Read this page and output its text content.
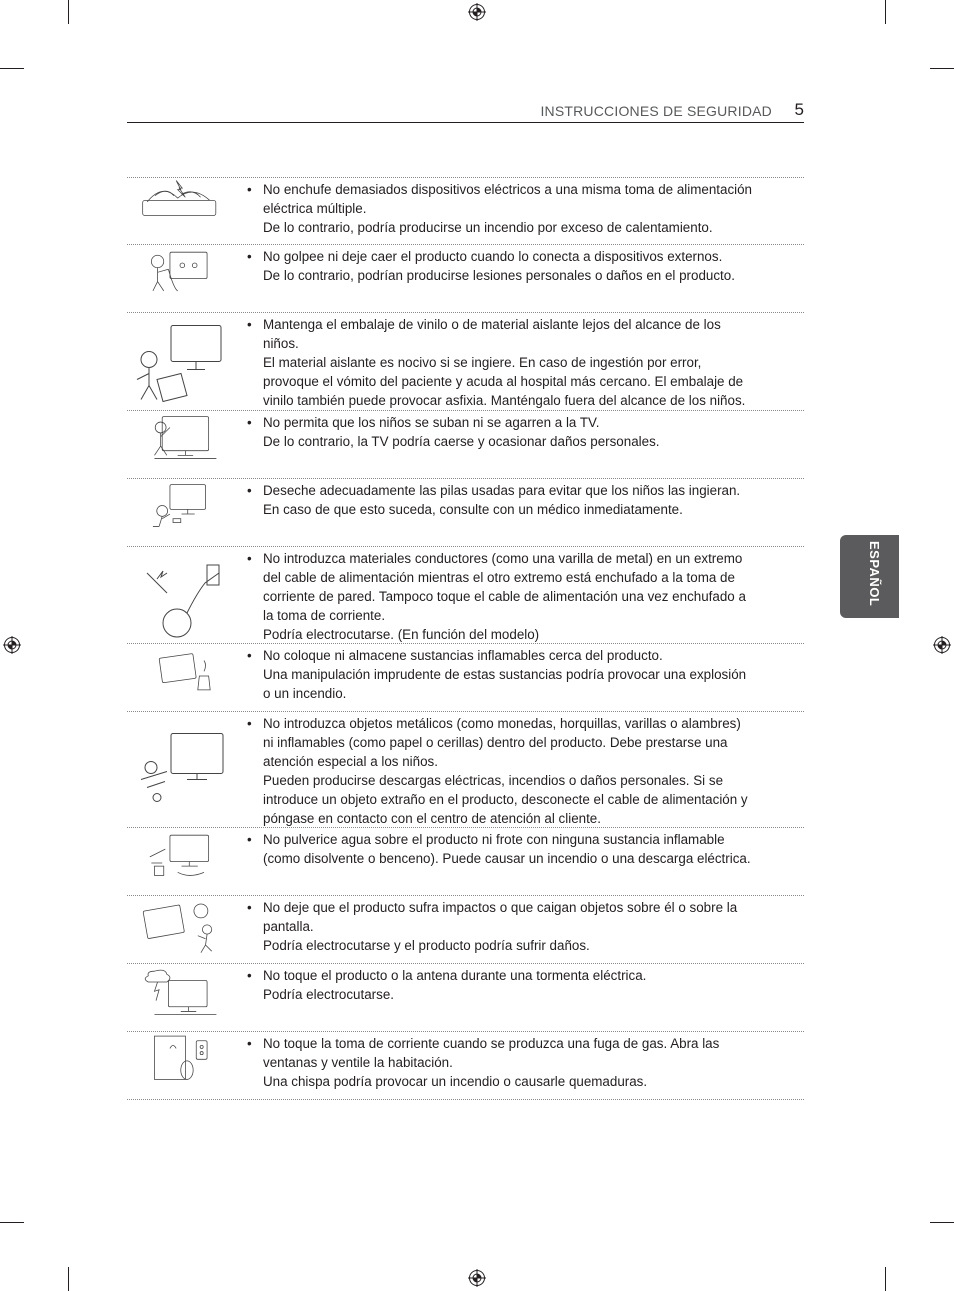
INSTRUCCIONES DE SEGURIDAD 5
ESPAÑOL
• No enchufe demasiados dispositivos eléctricos a una misma toma de alimentación
eléctrica múltiple.
De lo contrario, podría producirse un incendio por exceso de calentamiento.
• No golpee ni deje caer el producto cuando lo conecta a dispositivos externos.
De lo contrario, podrían producirse lesiones personales o daños en el producto.
• Mantenga el embalaje de vinilo o de material aislante lejos del alcance de los
niños.
El material aislante es nocivo si se ingiere. En caso de ingestión por error,
provoque el vómito del paciente y acuda al hospital más cercano. El embalaje de
vinilo también puede provocar asfixia. Manténgalo fuera del alcance de los niños.
• No permita que los niños se suban ni se agarren a la TV.
De lo contrario, la TV podría caerse y ocasionar daños personales.
• Deseche adecuadamente las pilas usadas para evitar que los niños las ingieran.
En caso de que esto suceda, consulte con un médico inmediatamente.
• No introduzca materiales conductores (como una varilla de metal) en un extremo
del cable de alimentación mientras el otro extremo está enchufado a la toma de
corriente de pared. Tampoco toque el cable de alimentación una vez enchufado a
la toma de corriente.
Podría electrocutarse. (En función del modelo)
• No coloque ni almacene sustancias inflamables cerca del producto.
Una manipulación imprudente de estas sustancias podría provocar una explosión
o un incendio.
• No introduzca objetos metálicos (como monedas, horquillas, varillas o alambres)
ni inflamables (como papel o cerillas) dentro del producto. Debe prestarse una
atención especial a los niños.
Pueden producirse descargas eléctricas, incendios o daños personales. Si se
introduce un objeto extraño en el producto, desconecte el cable de alimentación y
póngase en contacto con el centro de atención al cliente.
• No pulverice agua sobre el producto ni frote con ninguna sustancia inflamable
(como disolvente o benceno). Puede causar un incendio o una descarga eléctrica.
• No deje que el producto sufra impactos o que caigan objetos sobre él o sobre la
pantalla.
Podría electrocutarse y el producto podría sufrir daños.
• No toque el producto o la antena durante una tormenta eléctrica.
Podría electrocutarse.
• No toque la toma de corriente cuando se produzca una fuga de gas. Abra las
ventanas y ventile la habitación.
Una chispa podría provocar un incendio o causarle quemaduras.
